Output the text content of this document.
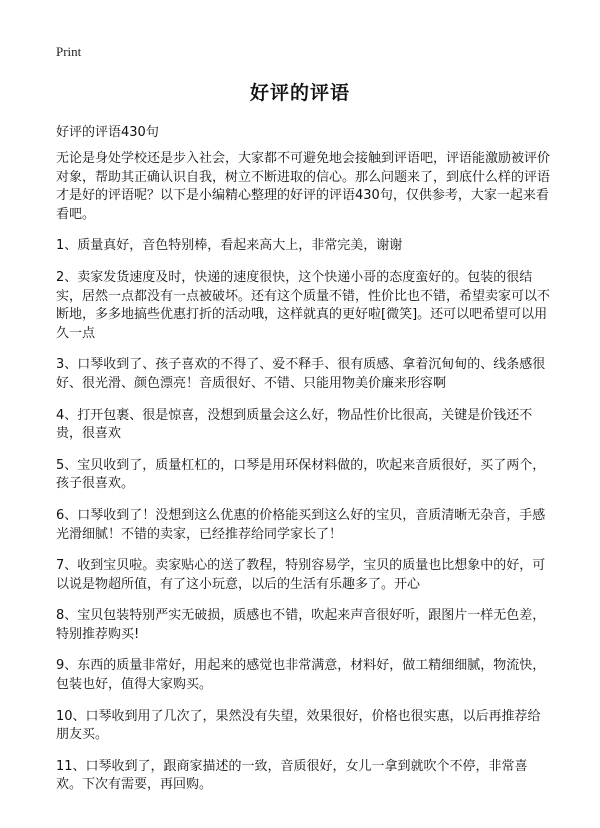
Print
好评的评语
好评的评语430句

无论是身处学校还是步入社会，大家都不可避免地会接触到评语吧，评语能激励被评价对象，帮助其正确认识自我，树立不断进取的信心。那么问题来了，到底什么样的评语才是好的评语呢？以下是小编精心整理的好评的评语430句，仅供参考，大家一起来看看吧。

1、质量真好，音色特别棒，看起来高大上，非常完美，谢谢

2、卖家发货速度及时，快递的速度很快，这个快递小哥的态度蛮好的。包装的很结实，居然一点都没有一点被破坏。还有这个质量不错，性价比也不错，希望卖家可以不断地，多多地搞些优惠打折的活动哦，这样就真的更好啦[微笑]。还可以吧希望可以用久一点

3、口琴收到了、孩子喜欢的不得了、爱不释手、很有质感、拿着沉甸甸的、线条感很好、很光滑、颜色漂亮！音质很好、不错、只能用物美价廉来形容啊

4、打开包裹、很是惊喜，没想到质量会这么好，物品性价比很高，关键是价钱还不贵，很喜欢

5、宝贝收到了，质量杠杠的，口琴是用环保材料做的，吹起来音质很好，买了两个，孩子很喜欢。

6、口琴收到了！没想到这么优惠的价格能买到这么好的宝贝，音质清晰无杂音，手感光滑细腻！不错的卖家，已经推荐给同学家长了！

7、收到宝贝啦。卖家贴心的送了教程，特别容易学，宝贝的质量也比想象中的好，可以说是物超所值，有了这小玩意，以后的生活有乐趣多了。开心

8、宝贝包装特别严实无破损，质感也不错，吹起来声音很好听，跟图片一样无色差，特别推荐购买!

9、东西的质量非常好，用起来的感觉也非常满意，材料好，做工精细细腻，物流快，包装也好，值得大家购买。

10、口琴收到用了几次了，果然没有失望，效果很好，价格也很实惠，以后再推荐给朋友买。

11、口琴收到了，跟商家描述的一致，音质很好，女儿一拿到就吹个不停，非常喜欢。下次有需要，再回购。
